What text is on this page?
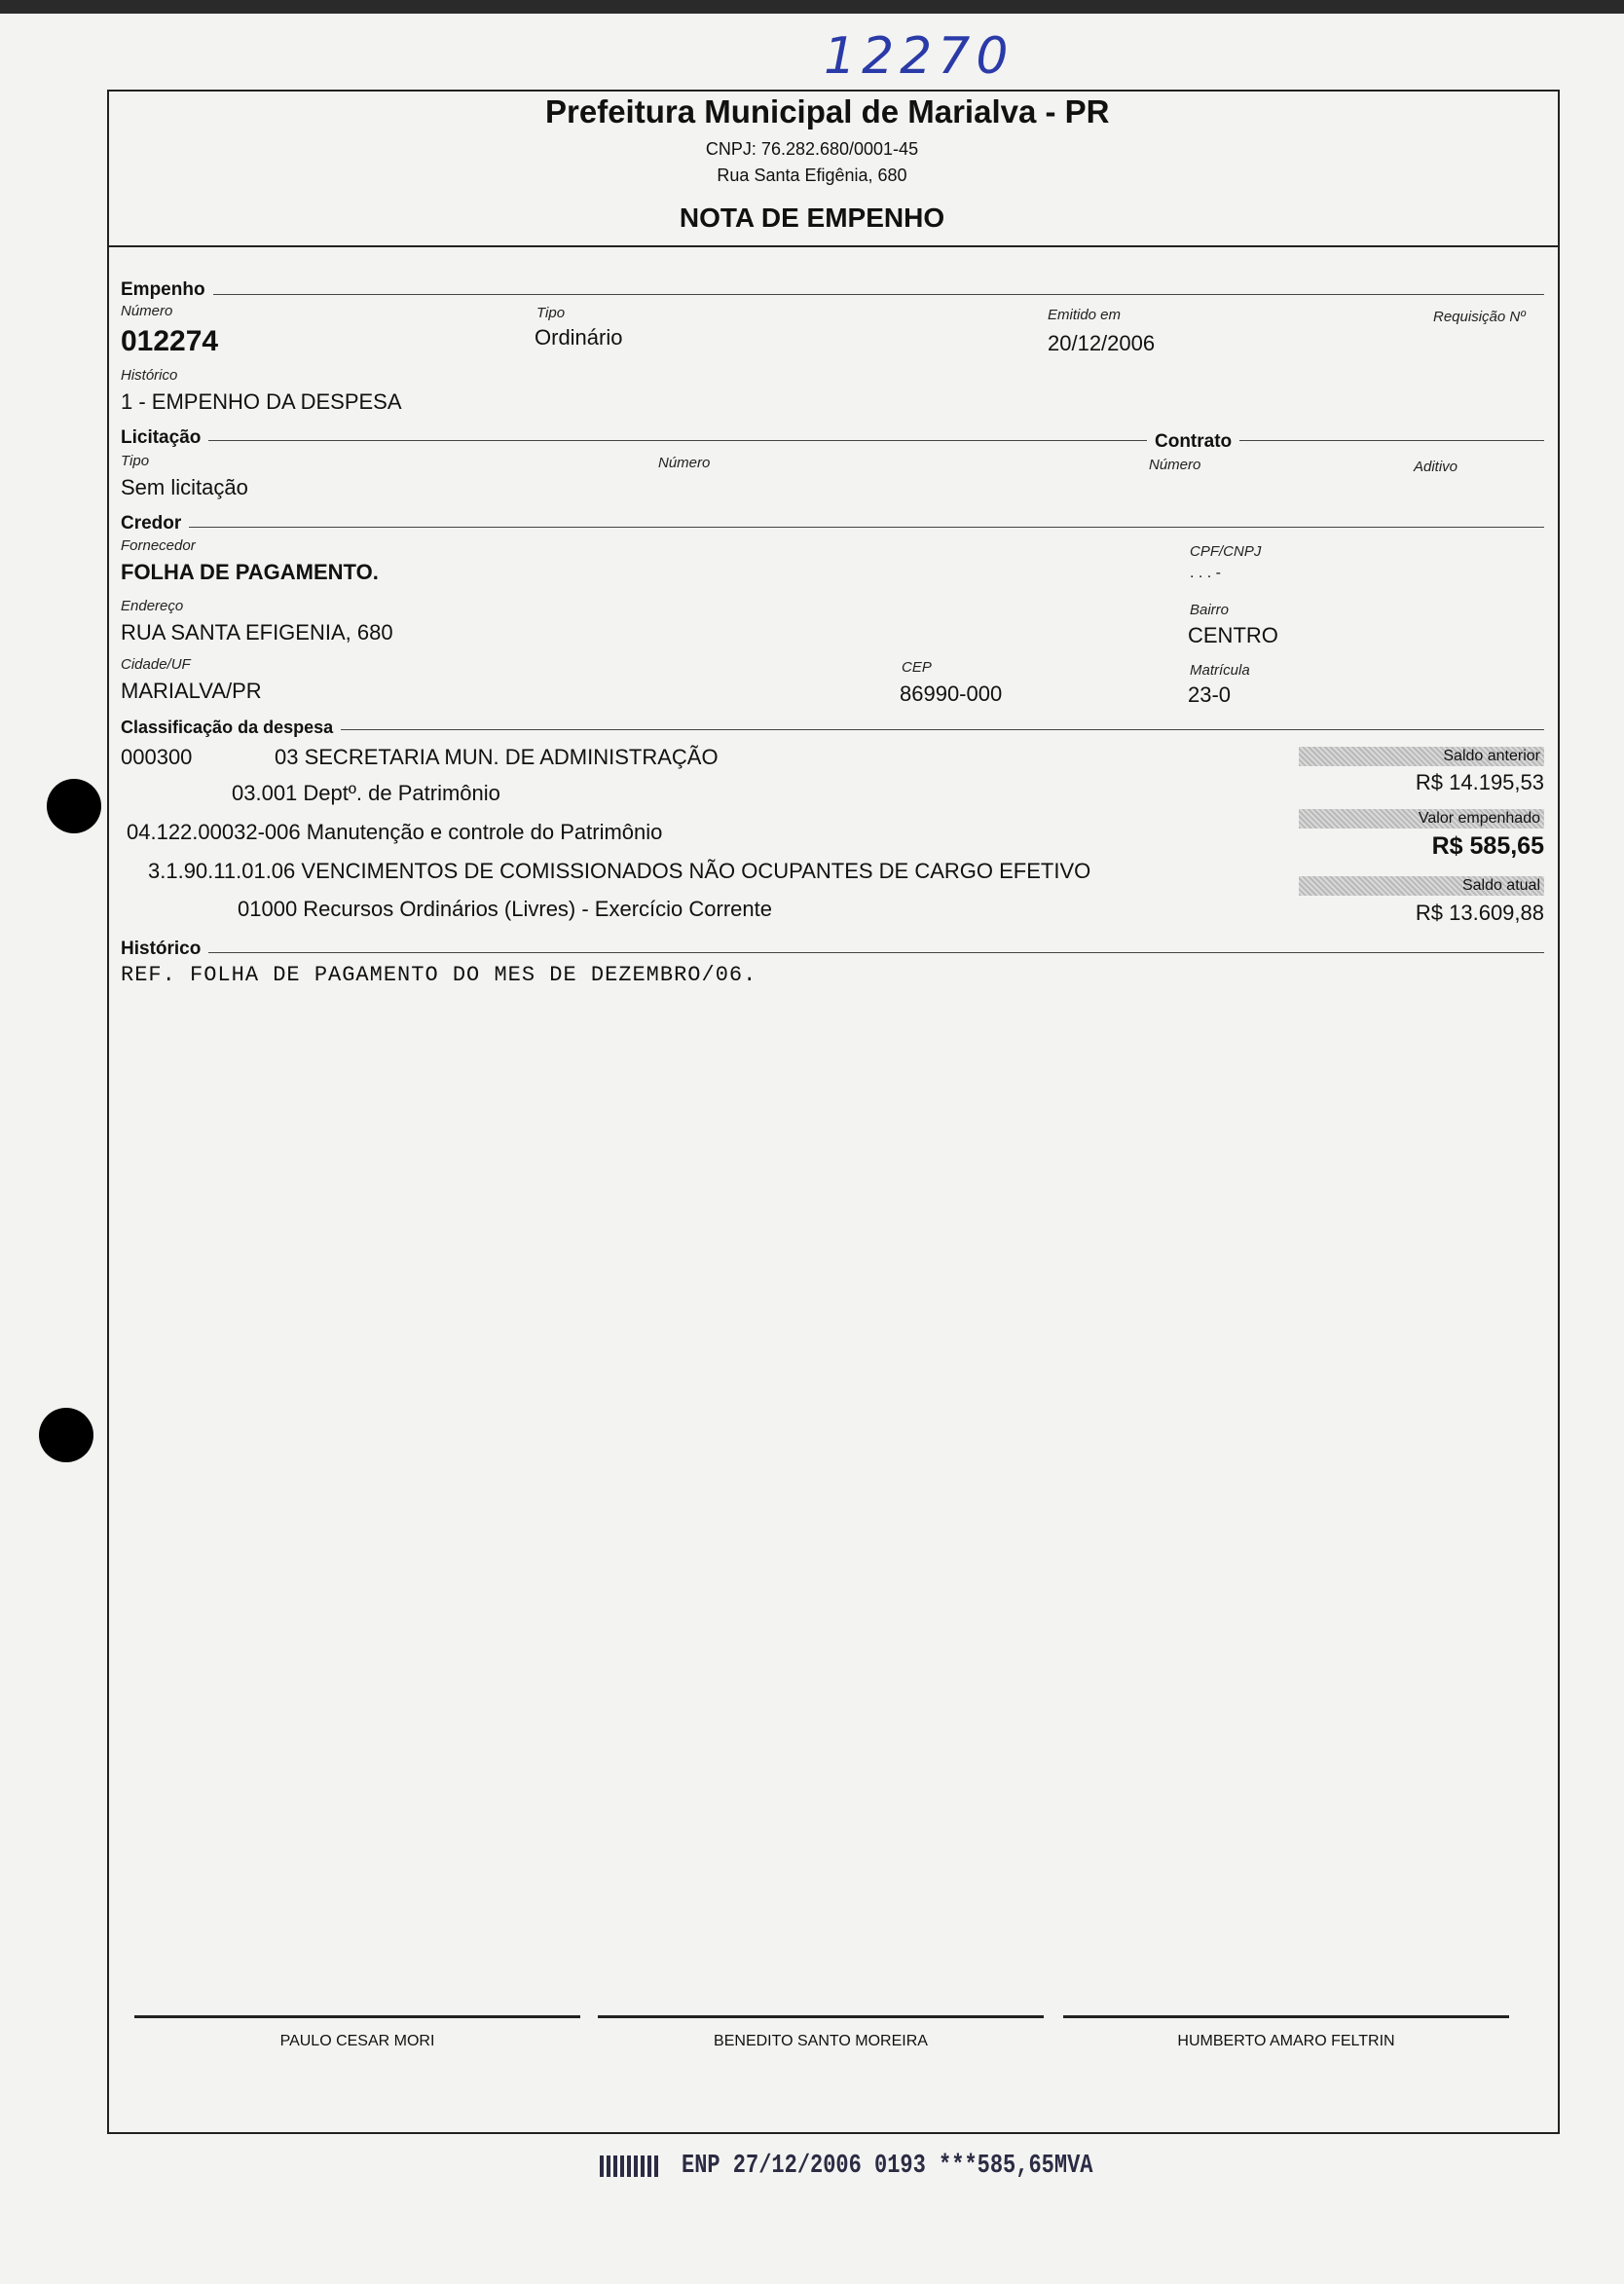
12270
Prefeitura Municipal de Marialva - PR
CNPJ: 76.282.680/0001-45
Rua Santa Efigênia, 680
NOTA DE EMPENHO
Empenho
Número
012274
Tipo
Ordinário
Emitido em
20/12/2006
Requisição Nº
Histórico
1 - EMPENHO DA DESPESA
Licitação	Contrato
Tipo
Sem licitação
Número	Número	Aditivo
Credor
Fornecedor
FOLHA DE PAGAMENTO.
CPF/CNPJ
. . . -
Endereço
RUA SANTA EFIGENIA, 680
Bairro
CENTRO
Cidade/UF
MARIALVA/PR
CEP
86990-000
Matrícula
23-0
Classificação da despesa
000300	03 SECRETARIA MUN. DE ADMINISTRAÇÃO
03.001 Deptº. de Patrimônio
04.122.00032-006 Manutenção e controle do Patrimônio
3.1.90.11.01.06 VENCIMENTOS DE COMISSIONADOS NÃO OCUPANTES DE CARGO EFETIVO
01000 Recursos Ordinários (Livres) - Exercício Corrente
Saldo anterior
R$ 14.195,53
Valor empenhado
R$ 585,65
Saldo atual
R$ 13.609,88
Histórico
REF. FOLHA DE PAGAMENTO DO MES DE DEZEMBRO/06.
PAULO CESAR MORI	BENEDITO SANTO MOREIRA	HUMBERTO AMARO FELTRIN
ENP 27/12/2006 0193 ***585,65MVA
